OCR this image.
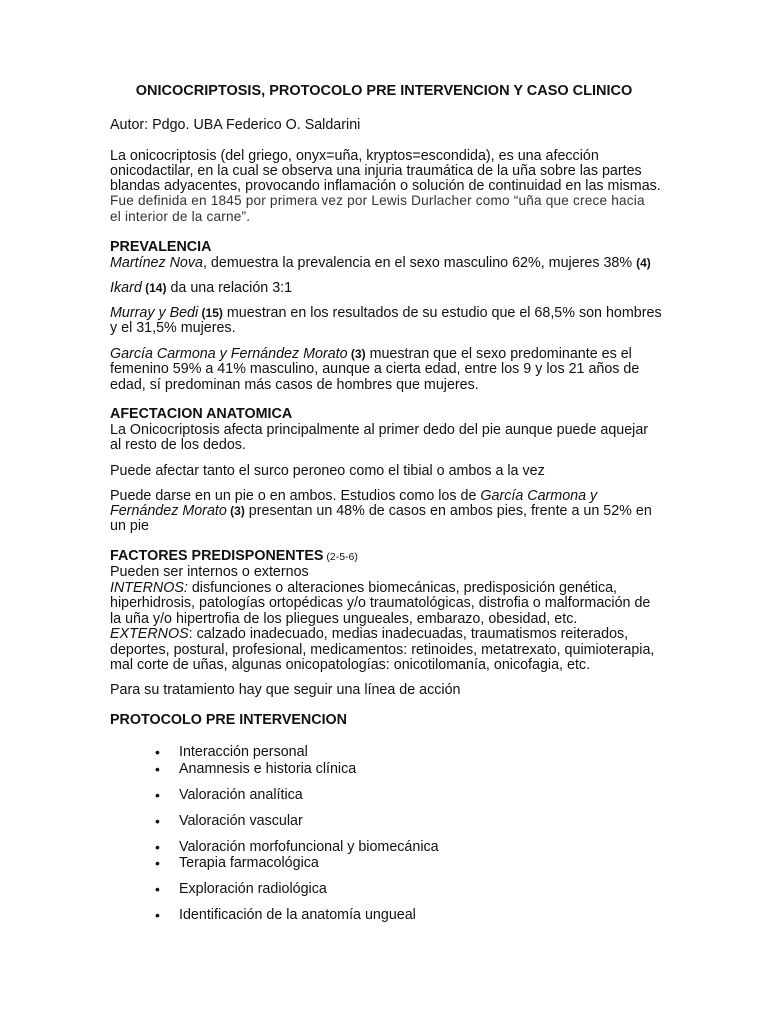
ONICOCRIPTOSIS, PROTOCOLO PRE INTERVENCION Y CASO CLINICO
Autor: Pdgo. UBA Federico O. Saldarini
La onicocriptosis (del griego, onyx=uña, kryptos=escondida), es una afección
onicodactilar, en la cual se observa una injuria traumática de la uña sobre las partes
blandas adyacentes, provocando inflamación o solución de continuidad en las mismas.
Fue definida en 1845 por primera vez por Lewis Durlacher como “uña que crece hacia
el interior de la carne”.
PREVALENCIA
Martínez Nova, demuestra la prevalencia en el sexo masculino 62%, mujeres 38% (4)
Ikard (14) da una relación 3:1
Murray y Bedi (15) muestran en los resultados de su estudio que el 68,5% son hombres
y el 31,5% mujeres.
García Carmona y Fernández Morato (3) muestran que el sexo predominante es el
femenino 59% a 41% masculino, aunque a cierta edad, entre los 9 y los 21 años de
edad, sí predominan más casos de hombres que mujeres.
AFECTACION ANATOMICA
La Onicocriptosis afecta principalmente al primer dedo del pie aunque puede aquejar
al resto de los dedos.
Puede afectar tanto el surco peroneo como el tibial o ambos a la vez
Puede darse en un pie o en ambos. Estudios como los de García Carmona y
Fernández Morato (3) presentan un 48% de casos en ambos pies, frente a un 52% en
un pie
FACTORES PREDISPONENTES (2-5-6)
Pueden ser internos o externos
INTERNOS: disfunciones o alteraciones biomecánicas, predisposición genética,
hiperhidrosis, patologías ortopédicas y/o traumatológicas, distrofia o malformación de
la uña y/o hipertrofia de los pliegues ungueales, embarazo, obesidad, etc.
EXTERNOS: calzado inadecuado, medias inadecuadas, traumatismos reiterados,
deportes, postural, profesional, medicamentos: retinoides, metatrexato, quimioterapia,
mal corte de uñas, algunas onicopatologías: onicotilomanía, onicofagia, etc.
Para su tratamiento hay que seguir una línea de acción
PROTOCOLO PRE INTERVENCION
• Interacción personal
• Anamnesis e historia clínica
• Valoración analítica
• Valoración vascular
• Valoración morfofuncional y biomecánica
• Terapia farmacológica
• Exploración radiológica
• Identificación de la anatomía ungueal
